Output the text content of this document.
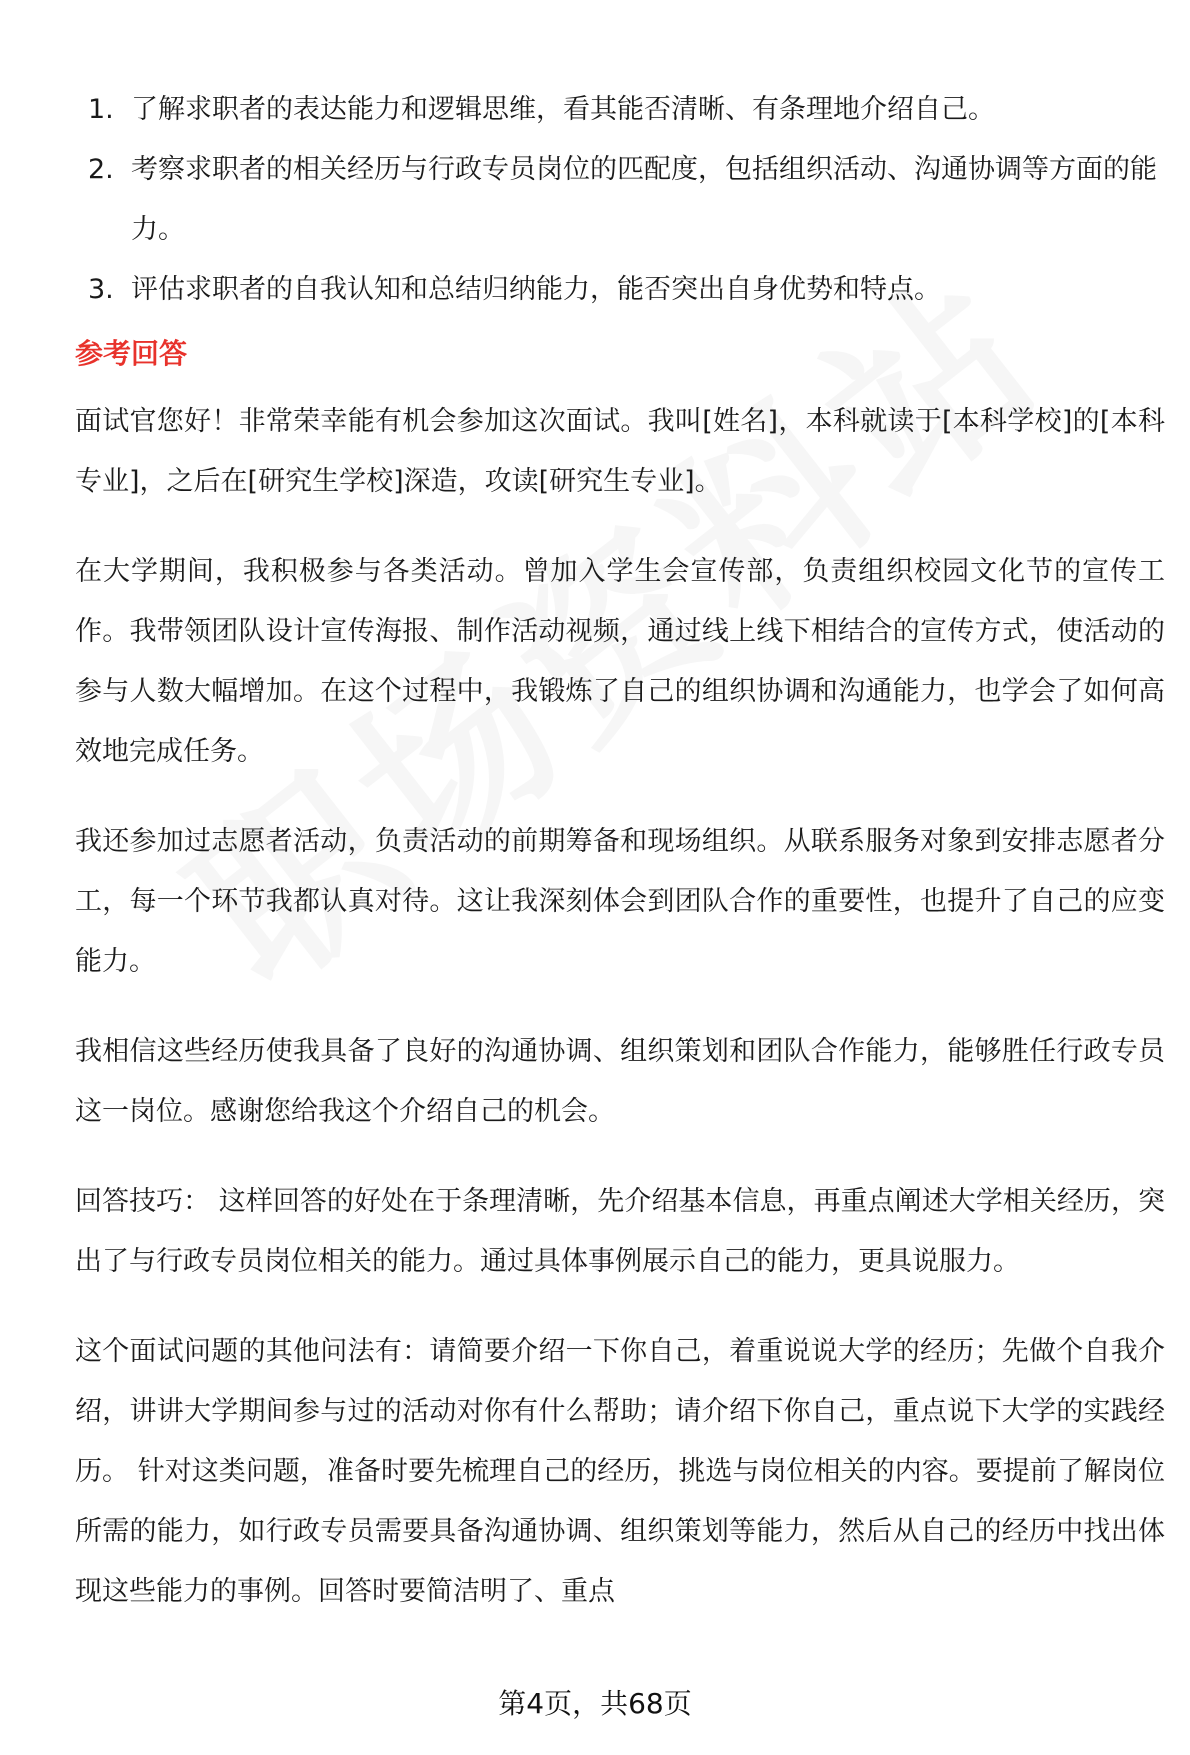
1. 了解求职者的表达能力和逻辑思维，看其能否清晰、有条理地介绍自己。
2. 考察求职者的相关经历与行政专员岗位的匹配度，包括组织活动、沟通协调等方面的能力。
3. 评估求职者的自我认知和总结归纳能力，能否突出自身优势和特点。
参考回答

面试官您好！非常荣幸能有机会参加这次面试。我叫[姓名]，本科就读于[本科学校]的[本科专业]，之后在[研究生学校]深造，攻读[研究生专业]。

在大学期间，我积极参与各类活动。曾加入学生会宣传部，负责组织校园文化节的宣传工作。我带领团队设计宣传海报、制作活动视频，通过线上线下相结合的宣传方式，使活动的参与人数大幅增加。在这个过程中，我锻炼了自己的组织协调和沟通能力，也学会了如何高效地完成任务。

我还参加过志愿者活动，负责活动的前期筹备和现场组织。从联系服务对象到安排志愿者分工，每一个环节我都认真对待。这让我深刻体会到团队合作的重要性，也提升了自己的应变能力。

我相信这些经历使我具备了良好的沟通协调、组织策划和团队合作能力，能够胜任行政专员这一岗位。感谢您给我这个介绍自己的机会。

回答技巧： 这样回答的好处在于条理清晰，先介绍基本信息，再重点阐述大学相关经历，突出了与行政专员岗位相关的能力。通过具体事例展示自己的能力，更具说服力。

这个面试问题的其他问法有：请简要介绍一下你自己，着重说说大学的经历；先做个自我介绍，讲讲大学期间参与过的活动对你有什么帮助；请介绍下你自己，重点说下大学的实践经历。 针对这类问题，准备时要先梳理自己的经历，挑选与岗位相关的内容。要提前了解岗位所需的能力，如行政专员需要具备沟通协调、组织策划等能力，然后从自己的经历中找出体现这些能力的事例。回答时要简洁明了、重点

第4页，共68页
